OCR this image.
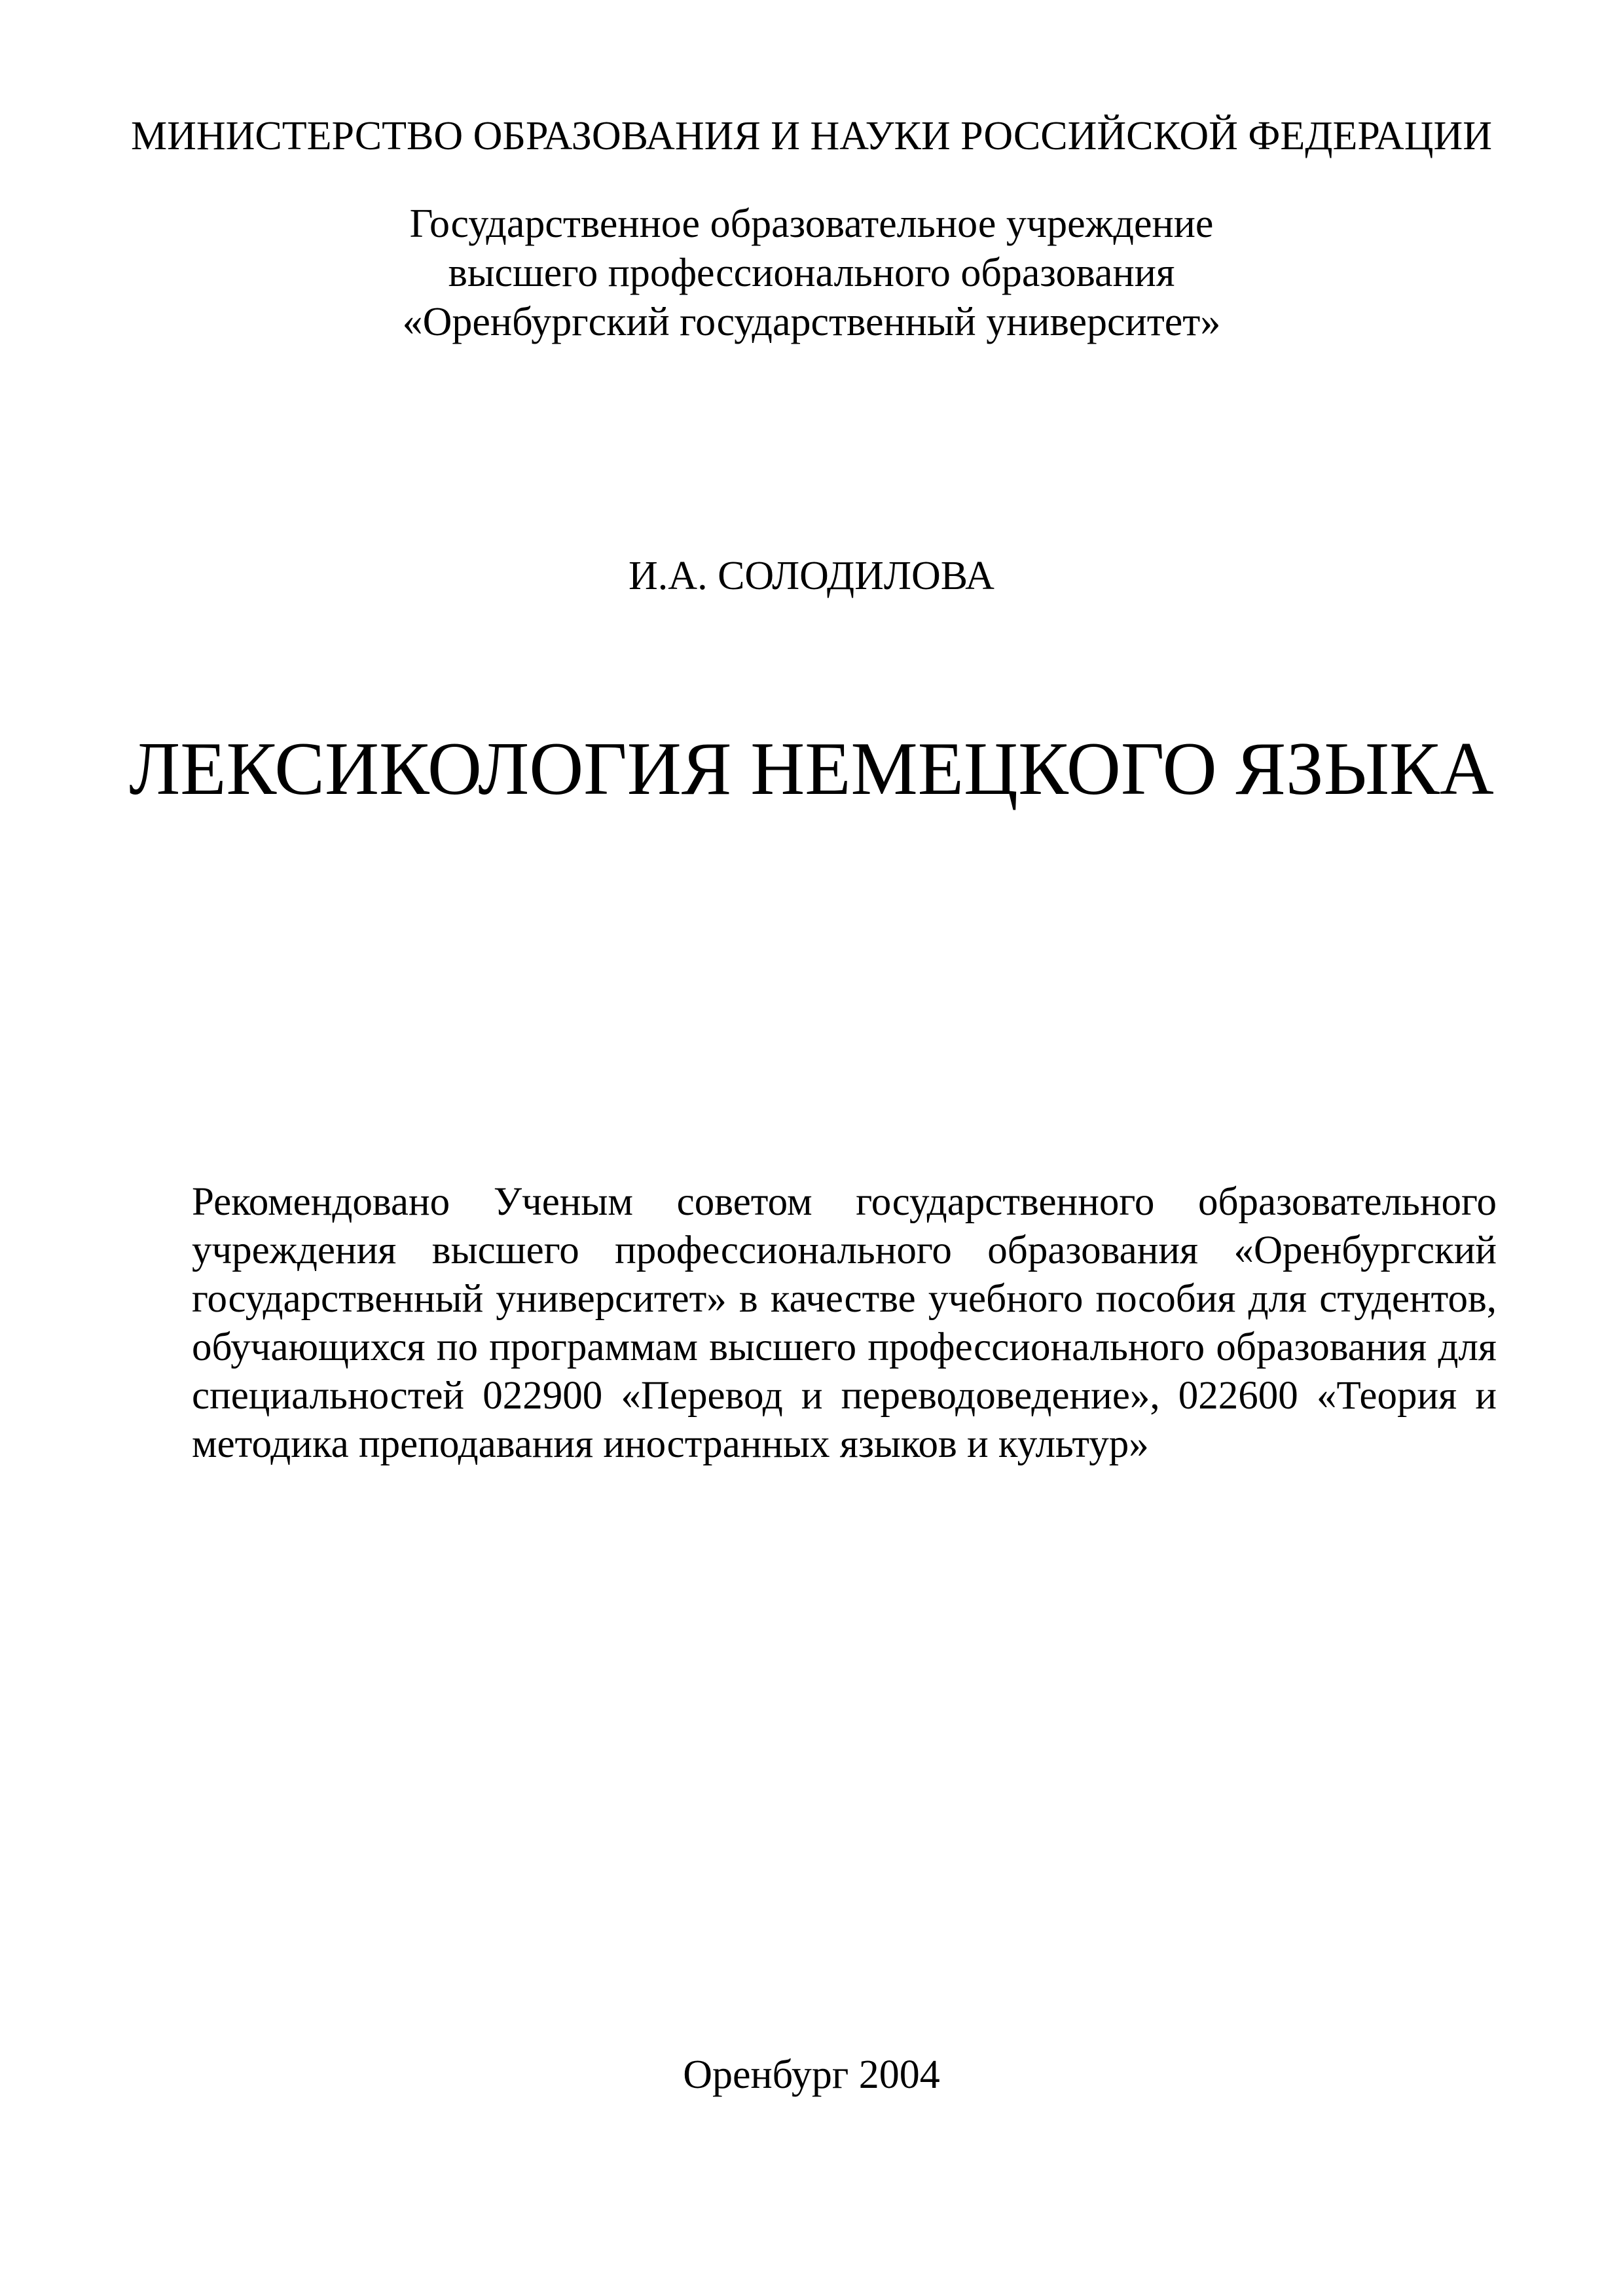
МИНИСТЕРСТВО ОБРАЗОВАНИЯ И НАУКИ РОССИЙСКОЙ ФЕДЕРАЦИИ
Государственное образовательное учреждение
высшего профессионального образования
«Оренбургский государственный университет»
И.А. СОЛОДИЛОВА
ЛЕКСИКОЛОГИЯ НЕМЕЦКОГО ЯЗЫКА
Рекомендовано Ученым советом государственного образовательного
учреждения высшего профессионального образования «Оренбургский
государственный университет» в качестве учебного пособия для студентов,
обучающихся по программам высшего профессионального образования для
специальностей 022900 «Перевод и переводоведение», 022600 «Теория и
методика преподавания иностранных языков и культур»
Оренбург 2004
